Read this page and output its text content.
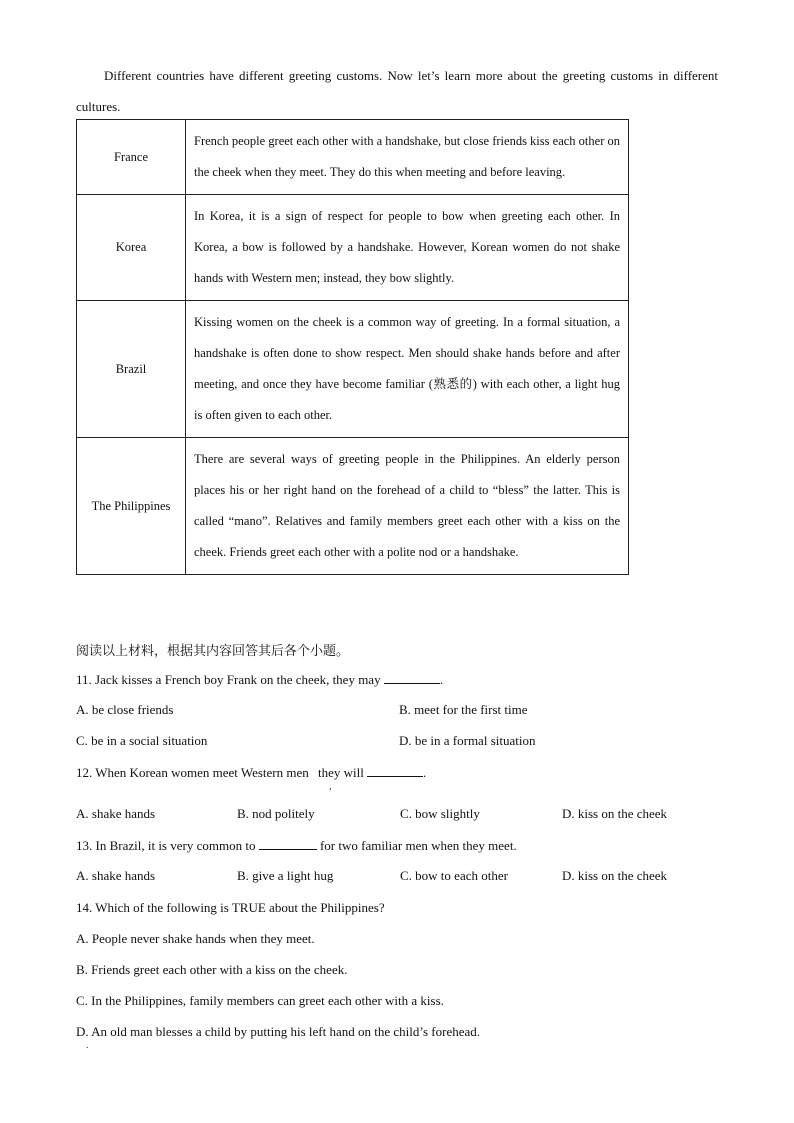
Different countries have different greeting customs. Now let’s learn more about the greeting customs in different cultures.
France	French people greet each other with a handshake, but close friends kiss each other on the cheek when they meet. They do this when meeting and before leaving.
Korea	In Korea, it is a sign of respect for people to bow when greeting each other. In Korea, a bow is followed by a handshake. However, Korean women do not shake hands with Western men; instead, they bow slightly.
Brazil	Kissing women on the cheek is a common way of greeting. In a formal situation, a handshake is often done to show respect. Men should shake hands before and after meeting, and once they have become familiar (熟悉的) with each other, a light hug is often given to each other.
The Philippines	There are several ways of greeting people in the Philippines. An elderly person places his or her right hand on the forehead of a child to “bless” the latter. This is called “mano”. Relatives and family members greet each other with a kiss on the cheek. Friends greet each other with a polite nod or a handshake.
阅读以上材料，根据其内容回答其后各个小题。
11. Jack kisses a French boy Frank on the cheek, they may	.
A. be close friends	B. meet for the first time
C. be in a social situation	D. be in a formal situation
12. When Korean women meet Western men they will	.
,
A. shake hands	B. nod politely	C. bow slightly	D. kiss on the cheek
13. In Brazil, it is very common to	for two familiar men when they meet.
A. shake hands	B. give a light hug	C. bow to each other	D. kiss on the cheek
14. Which of the following is TRUE about the Philippines?
A. People never shake hands when they meet.
B. Friends greet each other with a kiss on the cheek.
C. In the Philippines, family members can greet each other with a kiss.
D. An old man blesses a child by putting his left hand on the child’s forehead.
.
